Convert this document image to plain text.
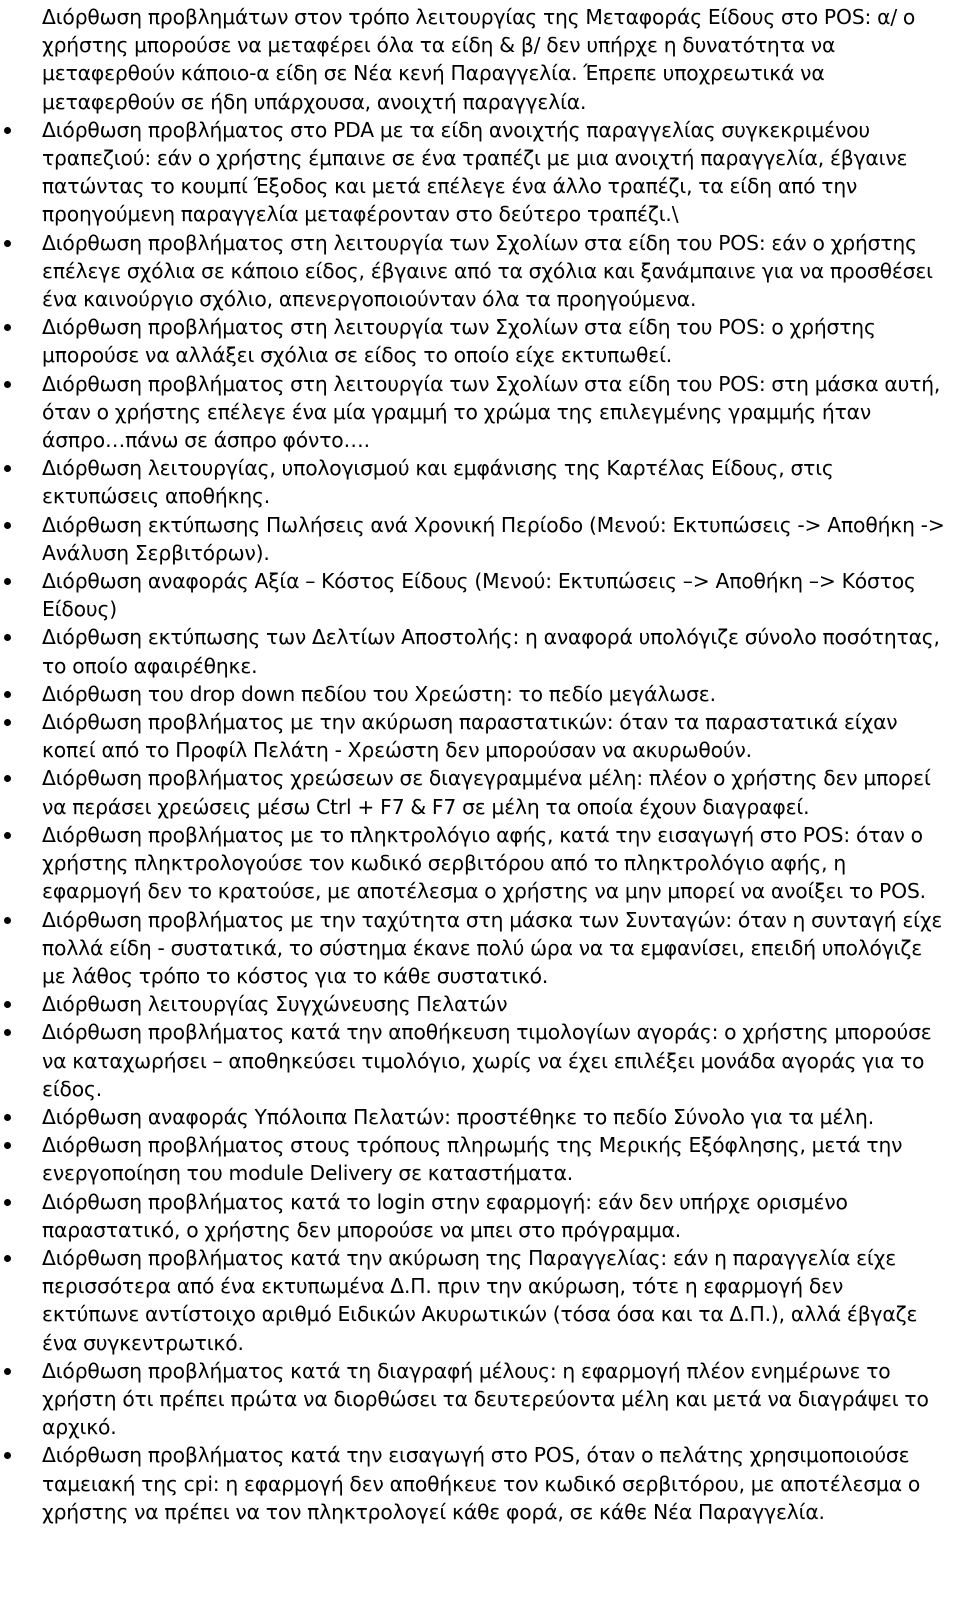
Διόρθωση προβλημάτων στον τρόπο λειτουργίας της Μεταφοράς Είδους στο POS: α/ ο χρήστης μπορούσε να μεταφέρει όλα τα είδη & β/ δεν υπήρχε η δυνατότητα να μεταφερθούν κάποιο-α είδη σε Νέα κενή Παραγγελία. Έπρεπε υποχρεωτικά να μεταφερθούν σε ήδη υπάρχουσα, ανοιχτή παραγγελία.
Διόρθωση προβλήματος στο PDA με τα είδη ανοιχτής παραγγελίας συγκεκριμένου τραπεζιού: εάν ο χρήστης έμπαινε σε ένα τραπέζι με μια ανοιχτή παραγγελία, έβγαινε πατώντας το κουμπί Έξοδος και μετά επέλεγε ένα άλλο τραπέζι, τα είδη από την προηγούμενη παραγγελία μεταφέρονταν στο δεύτερο τραπέζι.\
Διόρθωση προβλήματος στη λειτουργία των Σχολίων στα είδη του POS: εάν ο χρήστης επέλεγε σχόλια σε κάποιο είδος, έβγαινε από τα σχόλια και ξανάμπαινε για να προσθέσει ένα καινούργιο σχόλιο, απενεργοποιούνταν όλα τα προηγούμενα.
Διόρθωση προβλήματος στη λειτουργία των Σχολίων στα είδη του POS: ο χρήστης μπορούσε να αλλάξει σχόλια σε είδος το οποίο είχε εκτυπωθεί.
Διόρθωση προβλήματος στη λειτουργία των Σχολίων στα είδη του POS: στη μάσκα αυτή, όταν ο χρήστης επέλεγε ένα μία γραμμή το χρώμα της επιλεγμένης γραμμής ήταν άσπρο…πάνω σε άσπρο φόντο….
Διόρθωση λειτουργίας, υπολογισμού και εμφάνισης της Καρτέλας Είδους, στις εκτυπώσεις αποθήκης.
Διόρθωση εκτύπωσης Πωλήσεις ανά Χρονική Περίοδο (Μενού: Εκτυπώσεις -> Αποθήκη -> Ανάλυση Σερβιτόρων).
Διόρθωση αναφοράς Αξία – Κόστος Είδους (Μενού: Εκτυπώσεις –> Αποθήκη –> Κόστος Είδους)
Διόρθωση εκτύπωσης των Δελτίων Αποστολής: η αναφορά υπολόγιζε σύνολο ποσότητας, το οποίο αφαιρέθηκε.
Διόρθωση του drop down πεδίου του Χρεώστη: το πεδίο μεγάλωσε.
Διόρθωση προβλήματος με την ακύρωση παραστατικών: όταν τα παραστατικά είχαν κοπεί από το Προφίλ Πελάτη - Χρεώστη δεν μπορούσαν να ακυρωθούν.
Διόρθωση προβλήματος χρεώσεων σε διαγεγραμμένα μέλη: πλέον ο χρήστης δεν μπορεί να περάσει χρεώσεις μέσω Ctrl + F7 & F7 σε μέλη τα οποία έχουν διαγραφεί.
Διόρθωση προβλήματος με το πληκτρολόγιο αφής, κατά την εισαγωγή στο POS: όταν ο χρήστης πληκτρολογούσε τον κωδικό σερβιτόρου από το πληκτρολόγιο αφής, η εφαρμογή δεν το κρατούσε, με αποτέλεσμα ο χρήστης να μην μπορεί να ανοίξει το POS.
Διόρθωση προβλήματος με την ταχύτητα στη μάσκα των Συνταγών: όταν η συνταγή είχε πολλά είδη - συστατικά, το σύστημα έκανε πολύ ώρα να τα εμφανίσει, επειδή υπολόγιζε με λάθος τρόπο το κόστος για το κάθε συστατικό.
Διόρθωση λειτουργίας Συγχώνευσης Πελατών
Διόρθωση προβλήματος κατά την αποθήκευση τιμολογίων αγοράς: ο χρήστης μπορούσε να καταχωρήσει – αποθηκεύσει τιμολόγιο, χωρίς να έχει επιλέξει μονάδα αγοράς για το είδος.
Διόρθωση αναφοράς Υπόλοιπα Πελατών: προστέθηκε το πεδίο Σύνολο για τα μέλη.
Διόρθωση προβλήματος στους τρόπους πληρωμής της Μερικής Εξόφλησης, μετά την ενεργοποίηση του module Delivery σε καταστήματα.
Διόρθωση προβλήματος κατά το login στην εφαρμογή: εάν δεν υπήρχε ορισμένο παραστατικό, ο χρήστης δεν μπορούσε να μπει στο πρόγραμμα.
Διόρθωση προβλήματος κατά την ακύρωση της Παραγγελίας: εάν η παραγγελία είχε περισσότερα από ένα εκτυπωμένα Δ.Π. πριν την ακύρωση, τότε η εφαρμογή δεν εκτύπωνε αντίστοιχο αριθμό Ειδικών Ακυρωτικών (τόσα όσα και τα Δ.Π.), αλλά έβγαζε ένα συγκεντρωτικό.
Διόρθωση προβλήματος κατά τη διαγραφή μέλους: η εφαρμογή πλέον ενημέρωνε το χρήστη ότι πρέπει πρώτα να διορθώσει τα δευτερεύοντα μέλη και μετά να διαγράψει το αρχικό.
Διόρθωση προβλήματος κατά την εισαγωγή στο POS, όταν ο πελάτης χρησιμοποιούσε ταμειακή της cpi: η εφαρμογή δεν αποθήκευε τον κωδικό σερβιτόρου, με αποτέλεσμα ο χρήστης να πρέπει να τον πληκτρολογεί κάθε φορά, σε κάθε Νέα Παραγγελία.
